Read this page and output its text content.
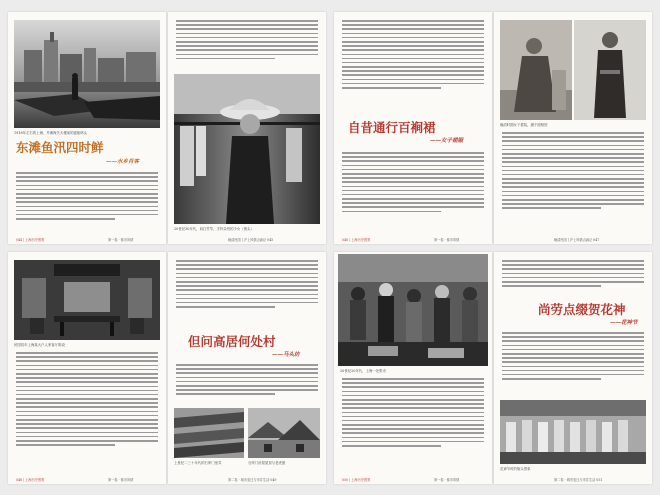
1918年左右的上海，外滩海关大楼前的渡船码头
东滩鱼汛四时鲜
——水乡肖客
044 | 上海历史图景	第一卷 · 都市风情
20世纪30年代，肩扛竹竿、手拎杂货的少女（街头）
晚清民国 | 沪上风情点滴记 045
自昔通行百裥裙
——女子裙服
046 | 上海历史图景	第一卷 · 都市风情
晚清时期女子着装，摄于照相馆
晚清民国 | 沪上风情点滴记 047
民国初年上海某大户人家客厅陈设
048 | 上海历史图景	第一卷 · 都市风情
但问高居何处村
——马头坊
上世纪二三十年代的石库门里弄	石库门房屋屋顶与老虎窗
第二卷 · 城市变迁与市井生活 049
20世纪20年代，上海一处集市
050 | 上海历史图景	第一卷 · 都市风情
尚劳点缀贺花神
——花神节
花神节时的街头景象
第二卷 · 城市变迁与市井生活 051
